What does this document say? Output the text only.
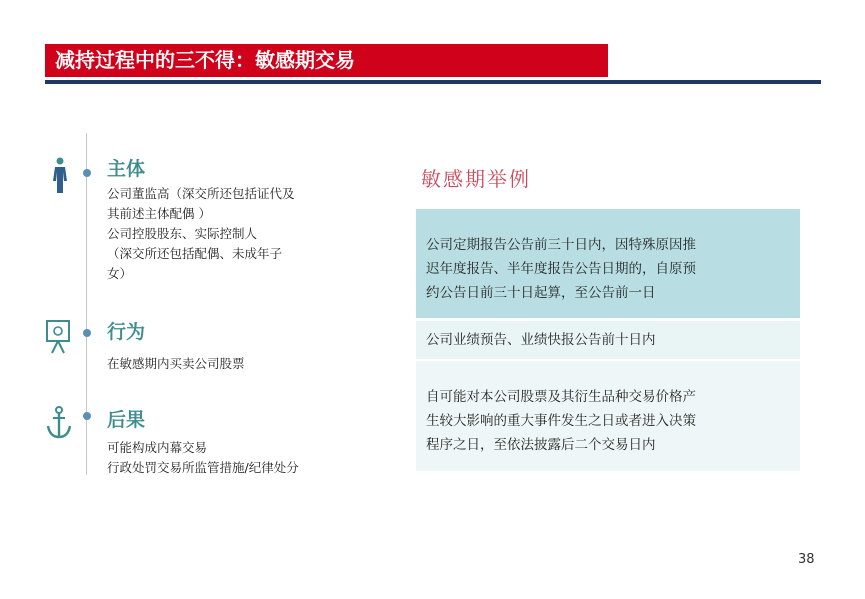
减持过程中的三不得：敏感期交易
主体
公司董监高（深交所还包括证代及
其前述主体配偶 ）
公司控股股东、实际控制人
（深交所还包括配偶、未成年子
女）
行为
在敏感期内买卖公司股票
后果
可能构成内幕交易
行政处罚交易所监管措施/纪律处分
敏感期举例
公司定期报告公告前三十日内，因特殊原因推
迟年度报告、半年度报告公告日期的，自原预
约公告日前三十日起算，至公告前一日
公司业绩预告、业绩快报公告前十日内
自可能对本公司股票及其衍生品种交易价格产
生较大影响的重大事件发生之日或者进入决策
程序之日，至依法披露后二个交易日内
38
